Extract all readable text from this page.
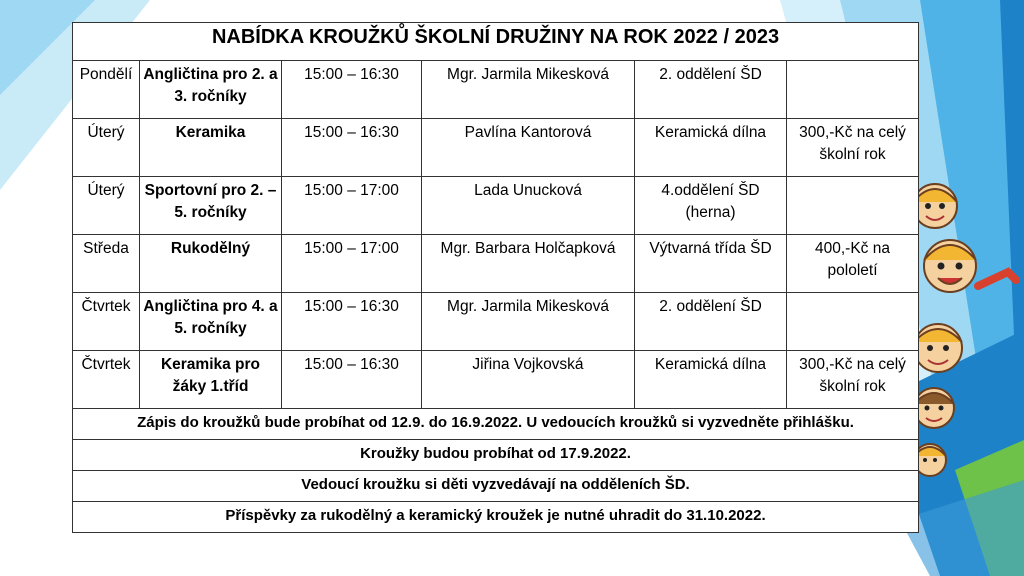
NABÍDKA KROUŽKŮ ŠKOLNÍ DRUŽINY NA ROK 2022 / 2023					
Pondělí	Angličtina pro 2. a 3. ročníky	15:00 – 16:30	Mgr. Jarmila Mikesková	2. oddělení ŠD	
Úterý	Keramika	15:00 – 16:30	Pavlína Kantorová	Keramická dílna	300,-Kč na celý školní rok
Úterý	Sportovní pro 2. – 5. ročníky	15:00 – 17:00	Lada Unucková	4.oddělení ŠD (herna)	
Středa	Rukodělný	15:00 – 17:00	Mgr. Barbara Holčapková	Výtvarná třída ŠD	400,-Kč na pololetí
Čtvrtek	Angličtina pro 4. a 5. ročníky	15:00 – 16:30	Mgr. Jarmila Mikesková	2. oddělení ŠD	
Čtvrtek	Keramika pro žáky 1.tříd	15:00 – 16:30	Jiřina Vojkovská	Keramická dílna	300,-Kč na celý školní rok
Zápis do kroužků bude probíhat od 12.9. do 16.9.2022. U vedoucích kroužků si vyzvedněte přihlášku.					
Kroužky budou probíhat od 17.9.2022.					
Vedoucí kroužku si děti vyzvedávají na odděleních ŠD.					
Příspěvky za rukodělný a keramický kroužek je nutné uhradit do 31.10.2022.					
